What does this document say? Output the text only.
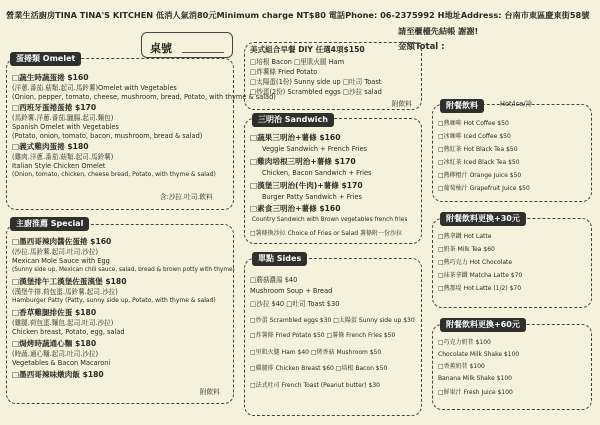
營業生活廚房TINA TINA'S KITCHEN 低消人氣消80元Minimum charge NT$80 電話Phone: 06-2375992 H地址Address: 台南市東區慶東街58號
請至櫃檯先結帳 謝謝!
金額Total :
桌號
蛋捲類 Omelet
□蔬生時蔬蛋捲 $160
(洋蔥.番茄.菇類.起司.馬鈴薯)Omelet with Vegetables
(Onion, pepper, tomato, cheese, mushroom, bread, Potato, with thyme & salad)
□西班牙蛋捲蛋捲 $170
(馬鈴薯.洋蔥.番茄.臘腸.起司.麵包)
Spanish Omelet with Vegetables
(Potato, onion, tomato, bacon, mushroom, bread & salad)
□義式雞肉蛋捲 $180
(雞肉.洋蔥.番茄.菇類.起司.馬鈴薯)
Italian Style Chicken Omelet
(Onion, tomato, chicken, cheese bread, Potato, with thyme & salad)
含:沙拉.吐司.飲料
主廚推薦 Special
□墨西哥辣肉醬佐蛋捲 $160
(沙拉.馬鈴薯.起司.吐司.沙拉)
Mexican Mole Sauce with Egg
(Sunny side up, Mexican chili sauce, salad, bread & brown potty with thyme)
□漢堡排午工漢堡佐蛋漢堡 $180
(漢堡牛排.荷包蛋.馬鈴薯.起司.沙拉)
Hamburger Patty (Patty, sunny side up, Potato, with thyme & salad)
□香草雞腿排佐蛋 $180
(雞腿.荷包蛋.麵包.起司.吐司.沙拉)
Chicken breast, Potato, egg, salad
□焗烤時蔬通心麵 $180
(時蔬.通心麵.起司.吐司.沙拉)
Vegetables & Bacon Macaroni
□墨西哥辣味燉肉飯 $180
附飲料
美式組合早餐 DIY 任選4項$150
□培根 Bacon □里肌火腿 Ham
□炸薯條 Fried Potato
□太陽蛋(1份) Sunny side up □吐司 Toast
□炒蛋(2份) Scrambled eggs □沙拉 salad
附飲料
三明治 Sandwich
□蔬果三明治+薯條 $160
Veggie Sandwich + French Fries
□雞肉培根三明治+薯條 $170
Chicken, Bacon Sandwich + Fries
□漢堡三明治(牛肉)+薯條 $170
Burger Patty Sandwich + Fries
□素食三明治+薯條 $160
Country Sandwich with Brown vegetables french fries
□薯條換沙拉 Choice of Fries or Salad 薯條附一份沙拉
單點 Sides
□蘑菇濃湯 $40
Mushroom Soup + Bread
□沙拉 $40 □吐司 Toast $30
□炒蛋 Scrambled eggs $30 □太陽蛋 Sunny side up $30
□炸薯條 Fried Potato $50 □薯條 French Fries $50
□里肌火腿 Ham $40 □烤香菇 Mushroom $50
□雞腿排 Chicken Breast $60 □培根 Bacon $50
□法式吐司 French Toast (Peanut butter) $30
附餐飲料	Hot/ice/冷
□熱咖啡 Hot Coffee $50
□冰咖啡 Iced Coffee $50
□熱紅茶 Hot Black Tea $50
□冰紅茶 Iced Black Tea $50
□熱柳橙汁 Orange Juice $50
□葡萄柚汁 Grapefruit Juice $50
附餐飲料更換+30元
□熱拿鐵 Hot Latte
□奶茶 Milk Tea $60
□熱巧克力 Hot Chocolate
□抹茶拿鐵 Matcha Latte $70
□熱那堤 Hot Latte (1/2) $70
附餐飲料更換+60元
□巧克力奶昔 $100
Chocolate Milk Shake $100
□香蕉奶昔 $100
Banana Milk Shake $100
□鮮果汁 Fresh Juice $100
